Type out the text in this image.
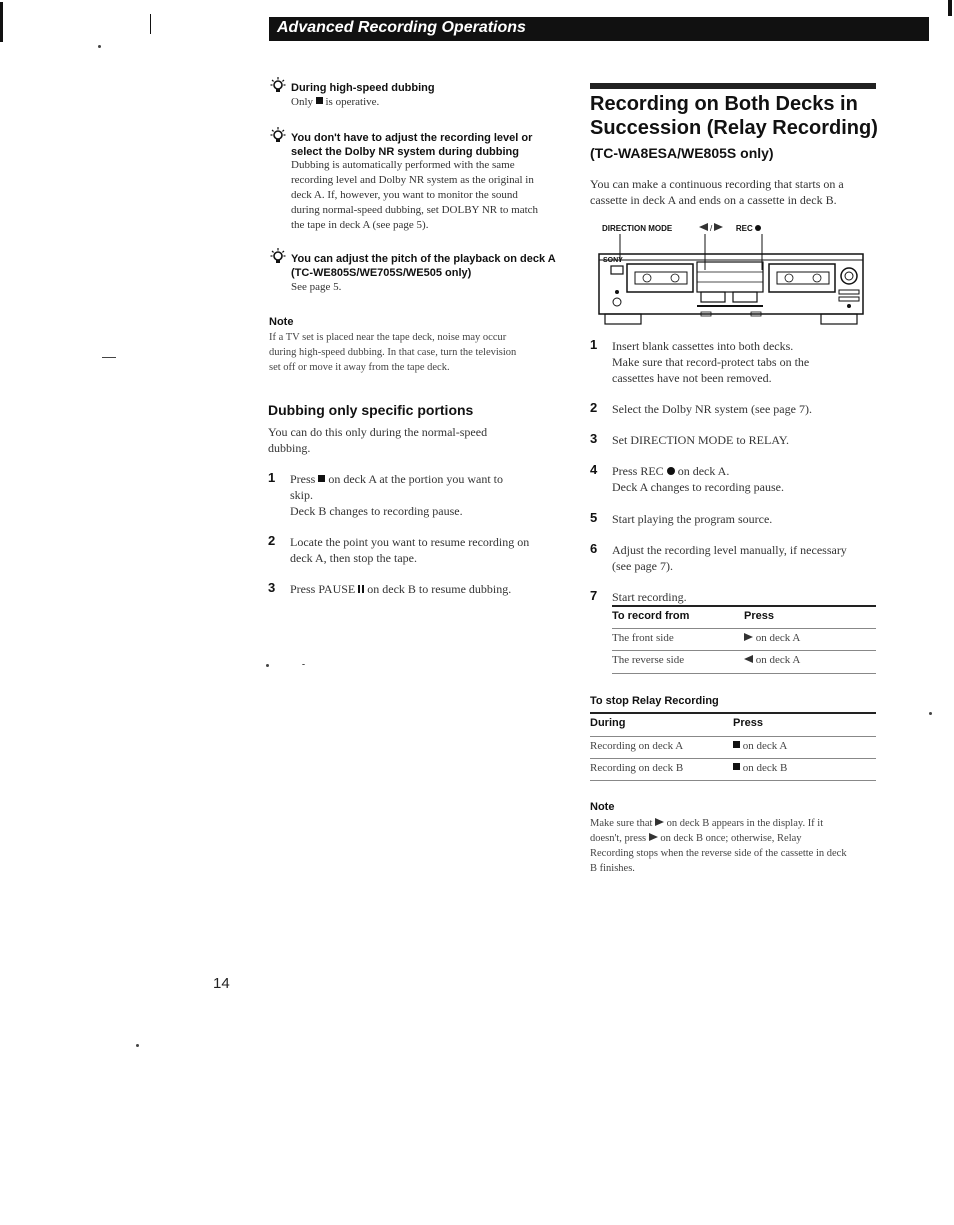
Advanced Recording Operations
During high-speed dubbing
Only is operative.
You don't have to adjust the recording level or
select the Dolby NR system during dubbing
Dubbing is automatically performed with the same
recording level and Dolby NR system as the original in
deck A. If, however, you want to monitor the sound
during normal-speed dubbing, set DOLBY NR to match
the tape in deck A (see page 5).
You can adjust the pitch of the playback on deck A
(TC-WE805S/WE705S/WE505 only)
See page 5.
Note
If a TV set is placed near the tape deck, noise may occur
during high-speed dubbing. In that case, turn the television
set off or move it away from the tape deck.
Dubbing only specific portions
You can do this only during the normal-speed
dubbing.
1 Press on deck A at the portion you want to
skip.
Deck B changes to recording pause.
2 Locate the point you want to resume recording on
deck A, then stop the tape.
3 Press PAUSE on deck B to resume dubbing.
Recording on Both Decks in
Succession (Relay Recording)
(TC-WA8ESA/WE805S only)
You can make a continuous recording that starts on a
cassette in deck A and ends on a cassette in deck B.
DIRECTION MODE	/	REC
SONY
1 Insert blank cassettes into both decks.
Make sure that record-protect tabs on the
cassettes have not been removed.
2 Select the Dolby NR system (see page 7).
3 Set DIRECTION MODE to RELAY.
4 Press REC on deck A.
Deck A changes to recording pause.
5 Start playing the program source.
6 Adjust the recording level manually, if necessary
(see page 7).
7 Start recording.
To record from	Press
The front side	on deck A
The reverse side	on deck A
To stop Relay Recording
During	Press
Recording on deck A	on deck A
Recording on deck B	on deck B
Note
Make sure that on deck B appears in the display. If it
doesn't, press on deck B once; otherwise, Relay
Recording stops when the reverse side of the cassette in deck
B finishes.
14
